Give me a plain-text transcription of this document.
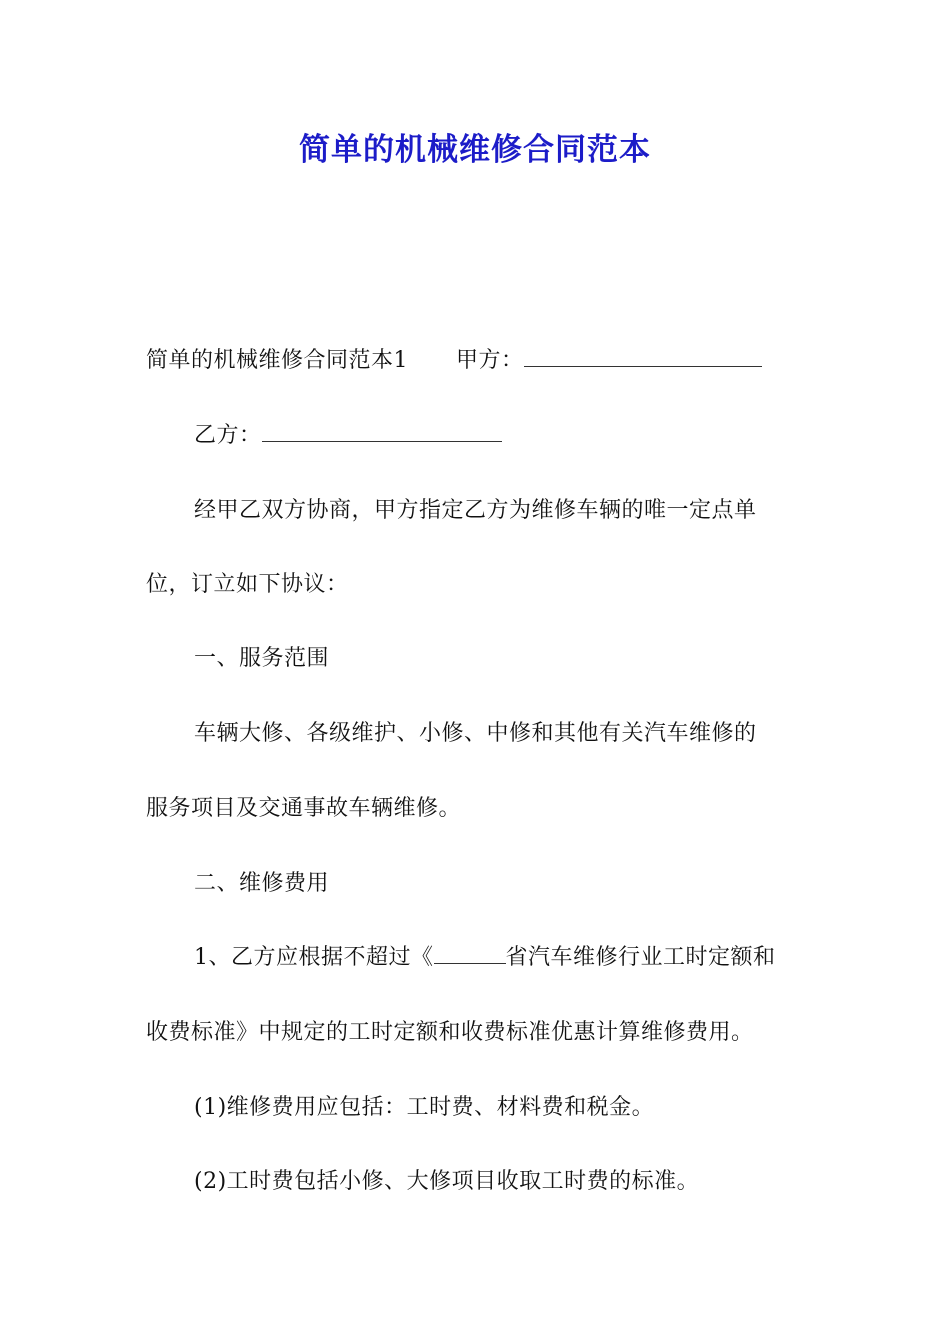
简单的机械维修合同范本
简单的机械维修合同范本1 甲方：
乙方：
经甲乙双方协商，甲方指定乙方为维修车辆的唯一定点单
位，订立如下协议：
一、服务范围
车辆大修、各级维护、小修、中修和其他有关汽车维修的
服务项目及交通事故车辆维修。
二、维修费用
1、乙方应根据不超过《	省汽车维修行业工时定额和
收费标准》中规定的工时定额和收费标准优惠计算维修费用。
(1)维修费用应包括：工时费、材料费和税金。
(2)工时费包括小修、大修项目收取工时费的标准。
